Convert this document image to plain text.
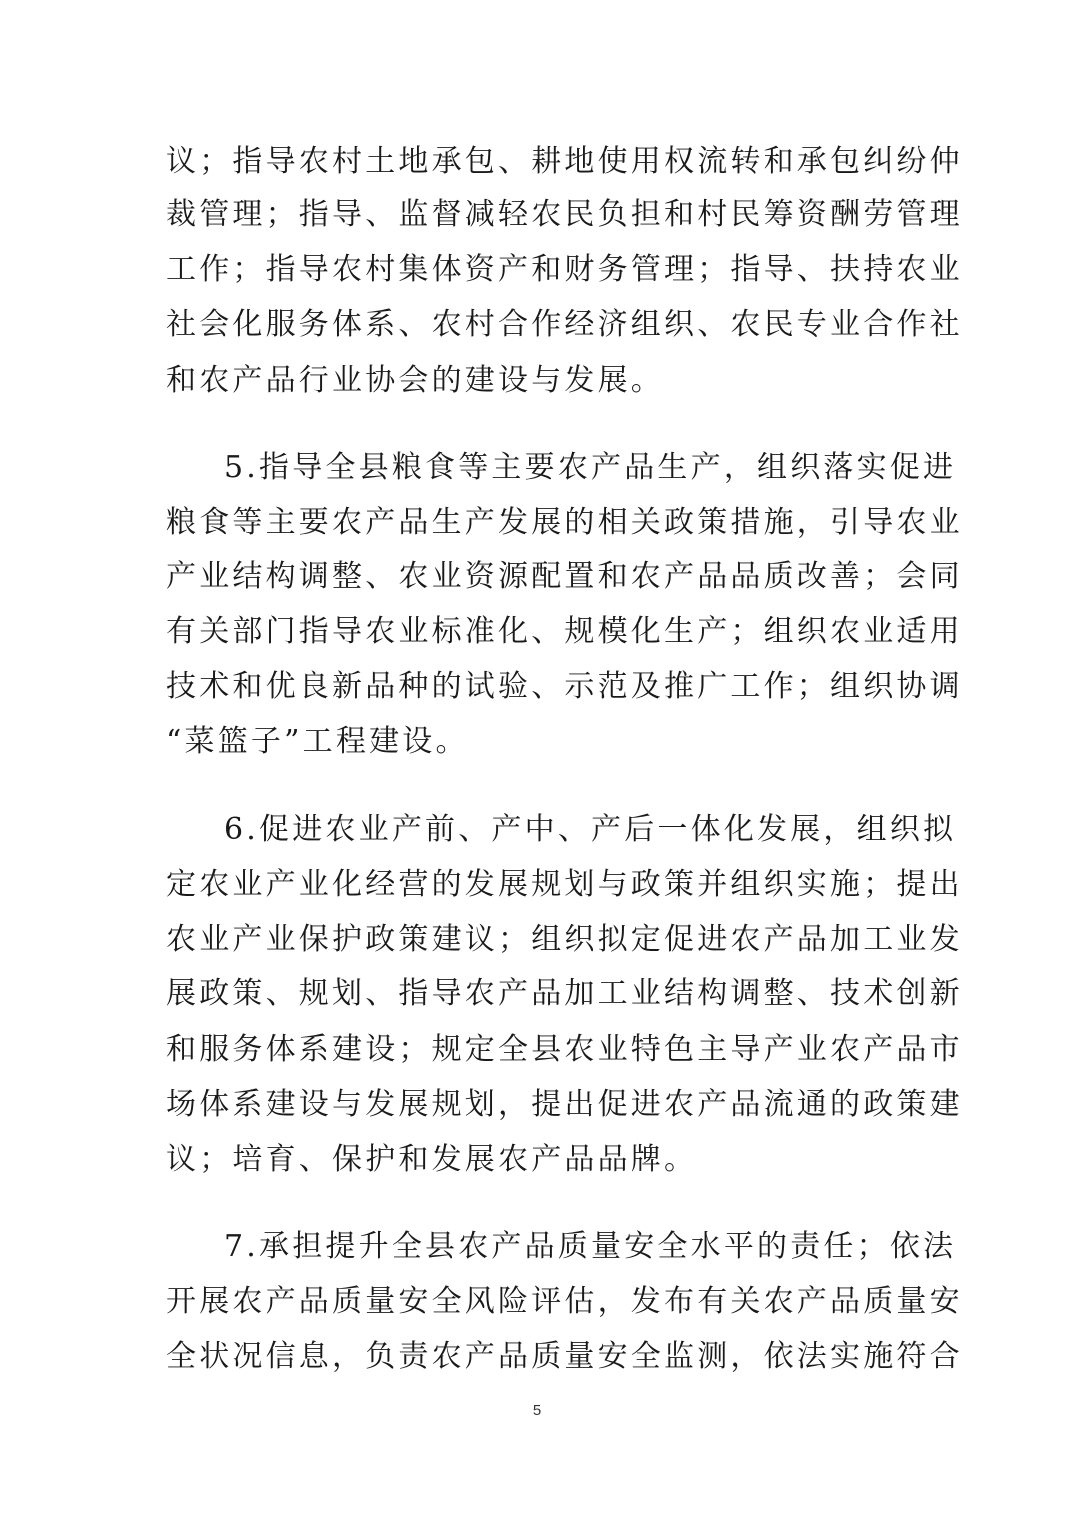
议；指导农村土地承包、耕地使用权流转和承包纠纷仲
裁管理；指导、监督减轻农民负担和村民筹资酬劳管理
工作；指导农村集体资产和财务管理；指导、扶持农业
社会化服务体系、农村合作经济组织、农民专业合作社
和农产品行业协会的建设与发展。
5.指导全县粮食等主要农产品生产，组织落实促进
粮食等主要农产品生产发展的相关政策措施，引导农业
产业结构调整、农业资源配置和农产品品质改善；会同
有关部门指导农业标准化、规模化生产；组织农业适用
技术和优良新品种的试验、示范及推广工作；组织协调
“菜篮子”工程建设。
6.促进农业产前、产中、产后一体化发展，组织拟
定农业产业化经营的发展规划与政策并组织实施；提出
农业产业保护政策建议；组织拟定促进农产品加工业发
展政策、规划、指导农产品加工业结构调整、技术创新
和服务体系建设；规定全县农业特色主导产业农产品市
场体系建设与发展规划，提出促进农产品流通的政策建
议；培育、保护和发展农产品品牌。
7.承担提升全县农产品质量安全水平的责任；依法
开展农产品质量安全风险评估，发布有关农产品质量安
全状况信息，负责农产品质量安全监测，依法实施符合
5
